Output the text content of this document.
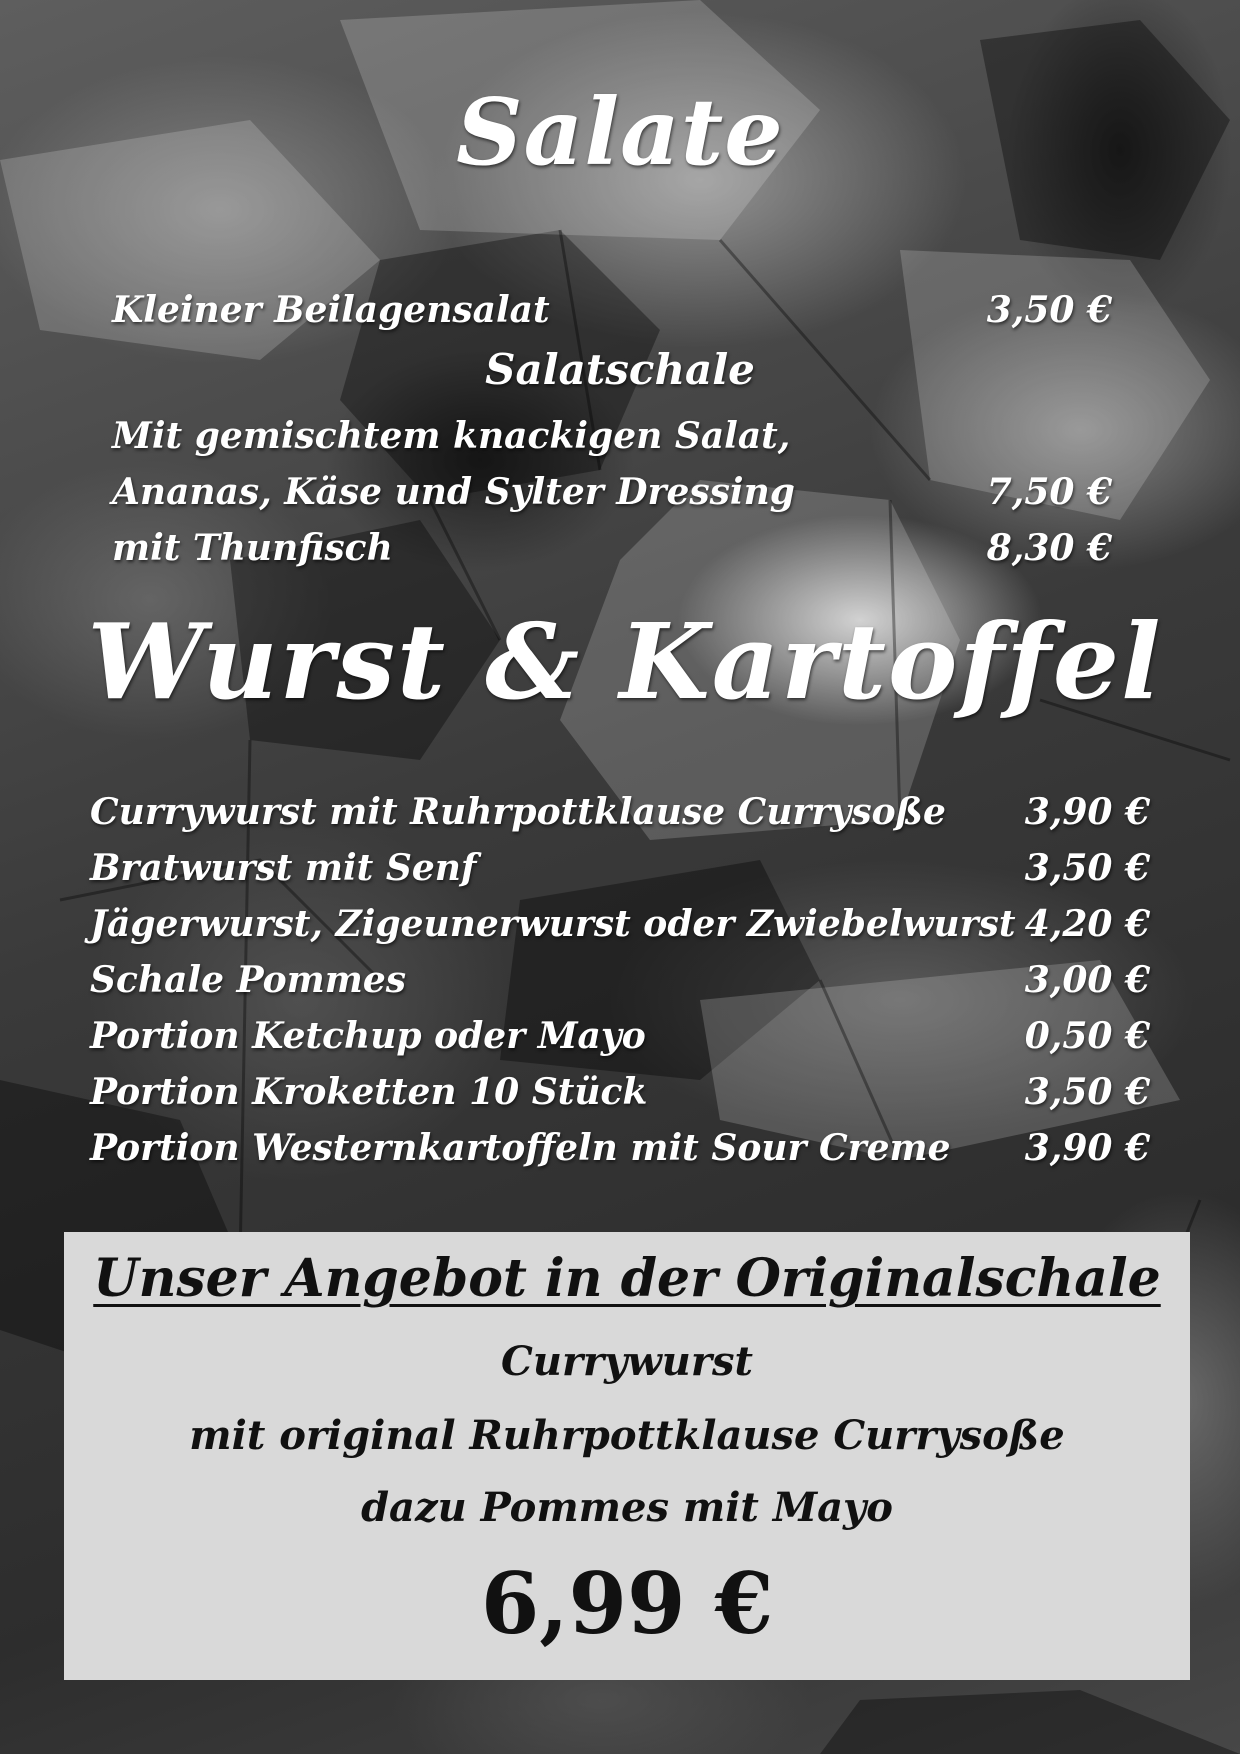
Salate
Kleiner Beilagensalat	3,50 €
Salatschale
Mit gemischtem knackigen Salat,
Ananas, Käse und Sylter Dressing	7,50 €
mit Thunfisch	8,30 €
Wurst & Kartoffel
Currywurst mit Ruhrpottklause Currysoße 3,90 €
Bratwurst mit Senf	3,50 €
Jägerwurst, Zigeunerwurst oder Zwiebelwurst 4,20 €
Schale Pommes	3,00 €
Portion Ketchup oder Mayo	0,50 €
Portion Kroketten 10 Stück	3,50 €
Portion Westernkartoffeln mit Sour Creme 3,90 €
Unser Angebot in der Originalschale

Currywurst

mit original Ruhrpottklause Currysoße

dazu Pommes mit Mayo

6,99 €
